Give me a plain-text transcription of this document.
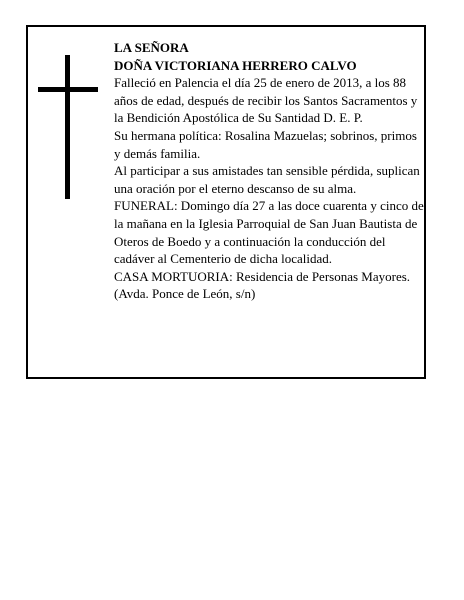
LA SEÑORA

DOÑA VICTORIANA HERRERO CALVO

Falleció en Palencia el día 25 de enero de 2013, a los 88 años de edad, después de recibir los Santos Sacramentos y la Bendición Apostólica de Su Santidad D. E. P.

Su hermana política: Rosalina Mazuelas; sobrinos, primos y demás familia.

Al participar a sus amistades tan sensible pérdida, suplican una oración por el eterno descanso de su alma.

FUNERAL: Domingo día 27 a las doce cuarenta y cinco de la mañana en la Iglesia Parroquial de San Juan Bautista de Oteros de Boedo y a continuación la conducción del cadáver al Cementerio de dicha localidad.

CASA MORTUORIA: Residencia de Personas Mayores. (Avda. Ponce de León, s/n)
